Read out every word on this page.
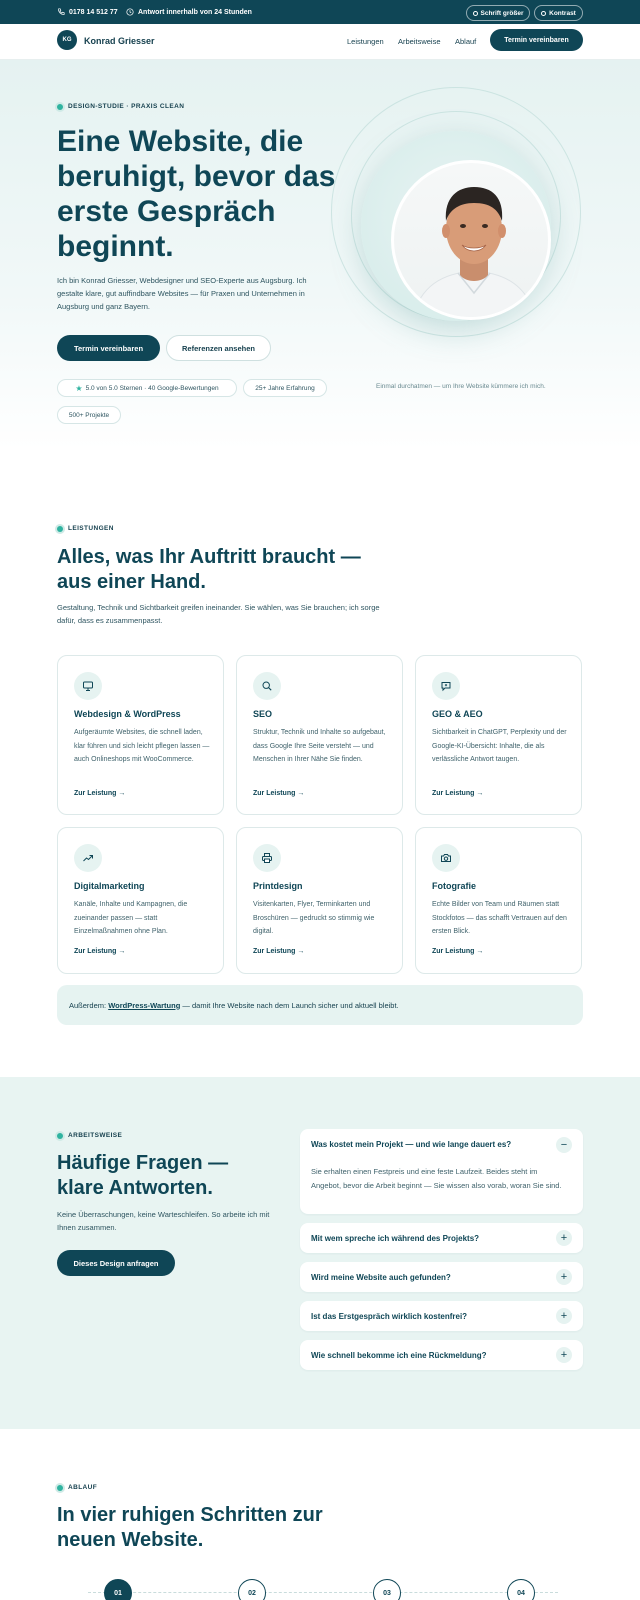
0178 14 512 77	Antwort innerhalb von 24 Stunden	Schrift größer	Kontrast
KG	Konrad Griesser	Leistungen Arbeitsweise Ablauf	Termin vereinbaren
DESIGN-STUDIE · PRAXIS CLEAN
Eine Website, die beruhigt, bevor das erste Gespräch beginnt.

Ich bin Konrad Griesser, Webdesigner und SEO-Experte aus Augsburg. Ich gestalte klare, gut auffindbare Websites — für Praxen und Unternehmen in Augsburg und ganz Bayern.

Termin vereinbaren	Referenzen ansehen
★ 5.0 von 5.0 Sternen · 40 Google-Bewertungen	25+ Jahre Erfahrung
500+ Projekte
Einmal durchatmen — um Ihre Website kümmere ich mich.
LEISTUNGEN
Alles, was Ihr Auftritt braucht — aus einer Hand.

Gestaltung, Technik und Sichtbarkeit greifen ineinander. Sie wählen, was Sie brauchen; ich sorge dafür, dass es zusammenpasst.

Webdesign & WordPress
Aufgeräumte Websites, die schnell laden, klar führen und sich leicht pflegen lassen — auch Onlineshops mit WooCommerce.
Zur Leistung →
SEO
Struktur, Technik und Inhalte so aufgebaut, dass Google Ihre Seite versteht — und Menschen in Ihrer Nähe Sie finden.
Zur Leistung →
GEO & AEO
Sichtbarkeit in ChatGPT, Perplexity und der Google-KI-Übersicht: Inhalte, die als verlässliche Antwort taugen.
Zur Leistung →
Digitalmarketing
Kanäle, Inhalte und Kampagnen, die zueinander passen — statt Einzelmaßnahmen ohne Plan.
Zur Leistung →
Printdesign
Visitenkarten, Flyer, Terminkarten und Broschüren — gedruckt so stimmig wie digital.
Zur Leistung →
Fotografie
Echte Bilder von Team und Räumen statt Stockfotos — das schafft Vertrauen auf den ersten Blick.
Zur Leistung →
Außerdem:
WordPress-Wartung
— damit Ihre Website nach dem Launch sicher und aktuell bleibt.
ARBEITSWEISE
Häufige Fragen — klare Antworten.

Keine Überraschungen, keine Warteschleifen. So arbeite ich mit Ihnen zusammen.

Dieses Design anfragen
Was kostet mein Projekt — und wie lange dauert es?	−
Sie erhalten einen Festpreis und eine feste Laufzeit. Beides steht im Angebot, bevor die Arbeit beginnt — Sie wissen also vorab, woran Sie sind.
Mit wem spreche ich während des Projekts?	+
Wird meine Website auch gefunden?	+
Ist das Erstgespräch wirklich kostenfrei?	+
Wie schnell bekomme ich eine Rückmeldung?	+
ABLAUF
In vier ruhigen Schritten zur neuen Website.
01	02	03	04
